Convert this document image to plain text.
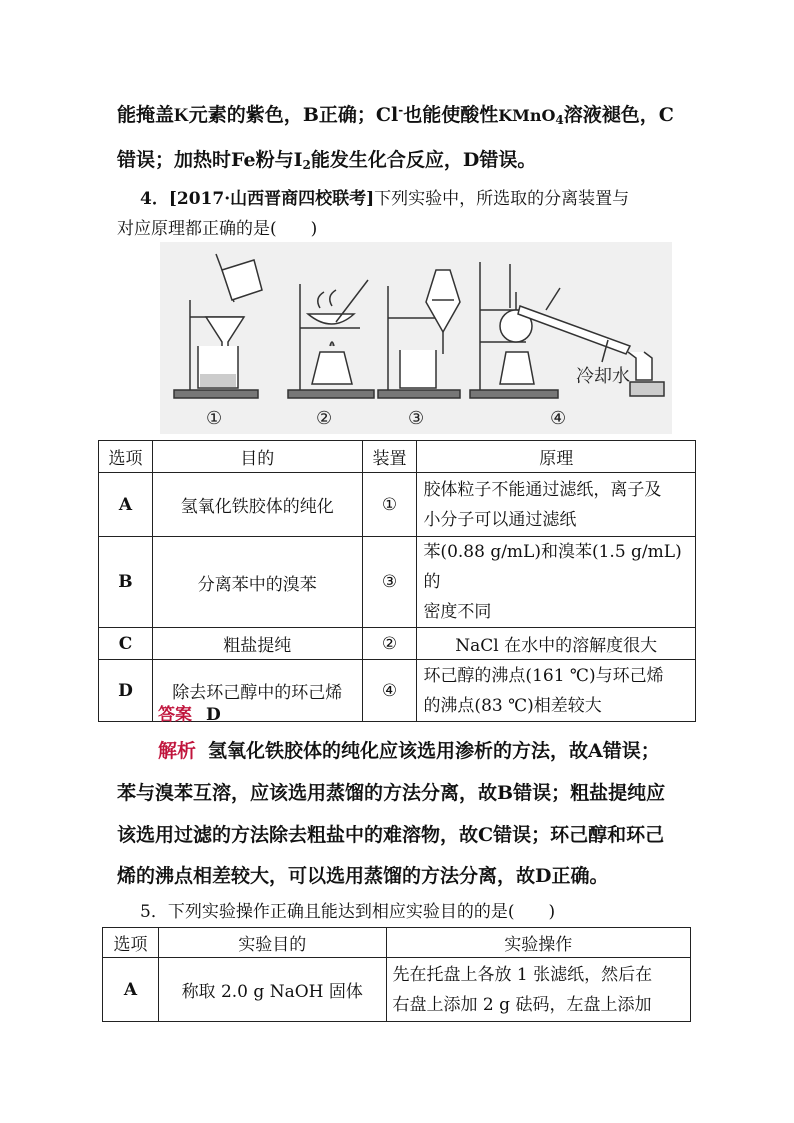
能掩盖K元素的紫色，B正确；Cl-也能使酸性KMnO$_4$溶液褪色，C
错误；加热时Fe粉与$I_2$能发生化合反应，D错误。
4．[2017·山西晋商四校联考]下列实验中，所选取的分离装置与
对应原理都正确的是(　　)
冷却水
①	②	③	④
选项	目的	装置	原理
A	氢氧化铁胶体的纯化	①	胶体粒子不能通过滤纸，离子及
小分子可以通过滤纸

B	分离苯中的溴苯	③	苯(0.88 g/mL)和溴苯(1.5 g/mL)的
密度不同

C	粗盐提纯	②	NaCl 在水中的溶解度很大

D	除去环己醇中的环己烯	④	环己醇的沸点(161 ℃)与环己烯
的沸点(83 ℃)相差较大
答案 D
解析 氢氧化铁胶体的纯化应该选用渗析的方法，故A错误；
苯与溴苯互溶，应该选用蒸馏的方法分离，故B错误；粗盐提纯应
该选用过滤的方法除去粗盐中的难溶物，故C错误；环己醇和环己
烯的沸点相差较大，可以选用蒸馏的方法分离，故D正确。
5．下列实验操作正确且能达到相应实验目的的是(　　)
选项	实验目的	实验操作
A	称取 2.0 g NaOH 固体	先在托盘上各放 1 张滤纸，然后在
右盘上添加 2 g 砝码，左盘上添加
